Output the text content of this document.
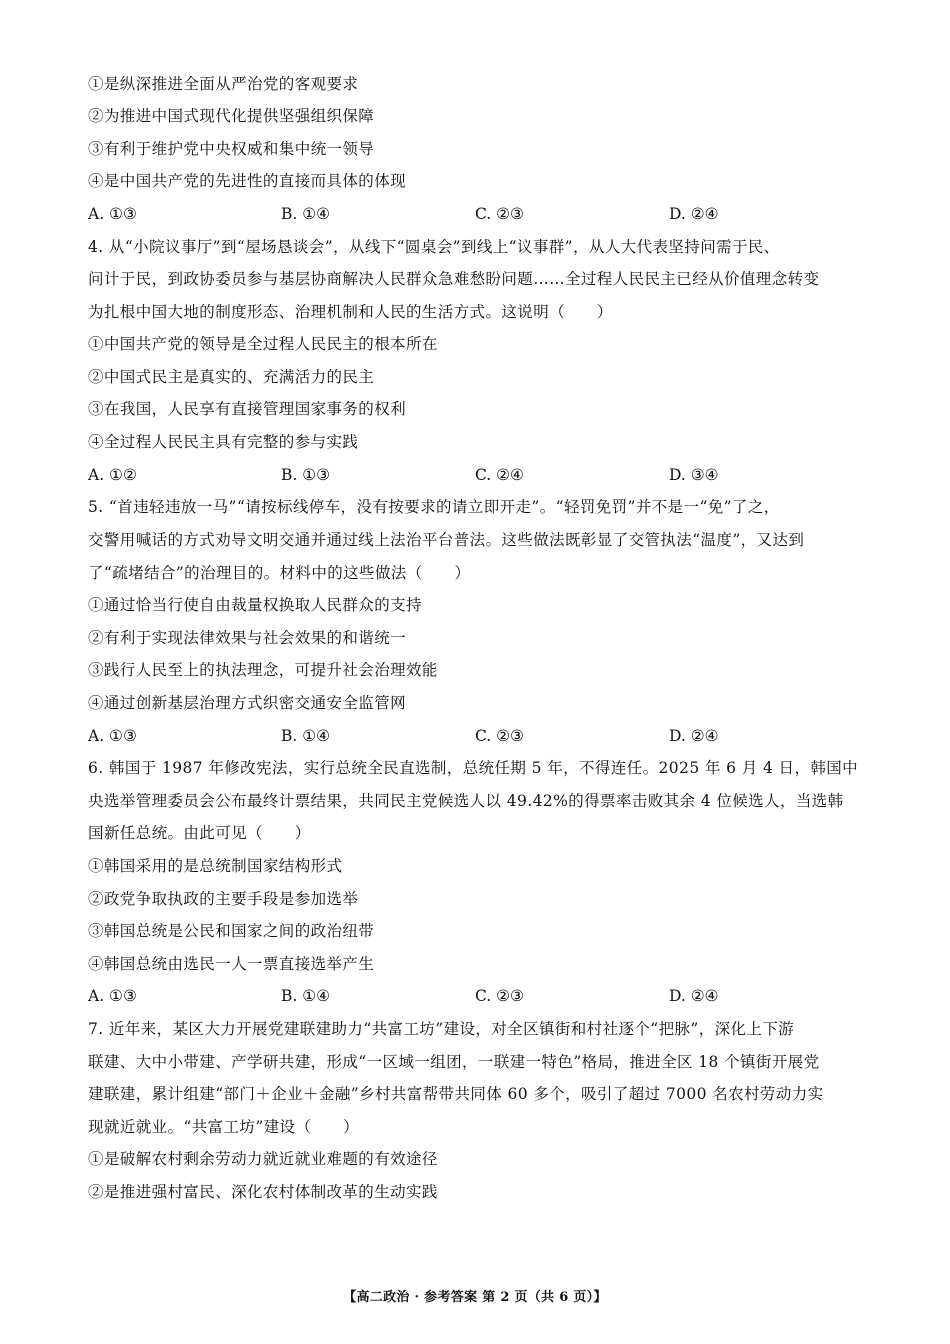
①是纵深推进全面从严治党的客观要求
②为推进中国式现代化提供坚强组织保障
③有利于维护党中央权威和集中统一领导
④是中国共产党的先进性的直接而具体的体现
A. ①③	B. ①④	C. ②③	D. ②④
4. 从“小院议事厅”到“屋场恳谈会”，从线下“圆桌会”到线上“议事群”，从人大代表坚持问需于民、
问计于民，到政协委员参与基层协商解决人民群众急难愁盼问题……全过程人民民主已经从价值理念转变
为扎根中国大地的制度形态、治理机制和人民的生活方式。这说明（　　）
①中国共产党的领导是全过程人民民主的根本所在
②中国式民主是真实的、充满活力的民主
③在我国，人民享有直接管理国家事务的权利
④全过程人民民主具有完整的参与实践
A. ①②	B. ①③	C. ②④	D. ③④
5. “首违轻违放一马”“请按标线停车，没有按要求的请立即开走”。“轻罚免罚”并不是一“免”了之，
交警用喊话的方式劝导文明交通并通过线上法治平台普法。这些做法既彰显了交管执法“温度”，又达到
了“疏堵结合”的治理目的。材料中的这些做法（　　）
①通过恰当行使自由裁量权换取人民群众的支持
②有利于实现法律效果与社会效果的和谐统一
③践行人民至上的执法理念，可提升社会治理效能
④通过创新基层治理方式织密交通安全监管网
A. ①③	B. ①④	C. ②③	D. ②④
6. 韩国于 1987 年修改宪法，实行总统全民直选制，总统任期 5 年，不得连任。2025 年 6 月 4 日，韩国中
央选举管理委员会公布最终计票结果，共同民主党候选人以 49.42%的得票率击败其余 4 位候选人，当选韩
国新任总统。由此可见（　　）
①韩国采用的是总统制国家结构形式
②政党争取执政的主要手段是参加选举
③韩国总统是公民和国家之间的政治纽带
④韩国总统由选民一人一票直接选举产生
A. ①③	B. ①④	C. ②③	D. ②④
7. 近年来，某区大力开展党建联建助力“共富工坊”建设，对全区镇街和村社逐个“把脉”，深化上下游
联建、大中小带建、产学研共建，形成“一区域一组团，一联建一特色”格局，推进全区 18 个镇街开展党
建联建，累计组建“部门＋企业＋金融”乡村共富帮带共同体 60 多个，吸引了超过 7000 名农村劳动力实
现就近就业。“共富工坊”建设（　　）
①是破解农村剩余劳动力就近就业难题的有效途径
②是推进强村富民、深化农村体制改革的生动实践
【高二政治 · 参考答案 第 2 页（共 6 页）】
